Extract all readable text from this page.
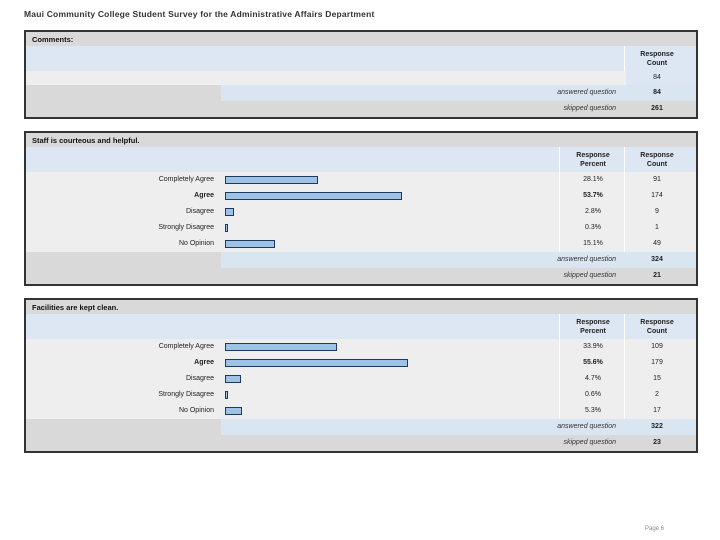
Maui Community College Student Survey for the Administrative Affairs Department
Comments:
Response
Count
84
answered question	84
skipped question	261
Staff is courteous and helpful.
Response
Percent
Response
Count
Completely Agree	28.1%	91
Agree	53.7%	174
Disagree	2.8%	9
Strongly Disagree	0.3%	1
No Opinion	15.1%	49
answered question	324
skipped question	21
Facilities are kept clean.
Response
Percent
Response
Count
Completely Agree	33.9%	109
Agree	55.6%	179
Disagree	4.7%	15
Strongly Disagree	0.6%	2
No Opinion	5.3%	17
answered question	322
skipped question	23
Page 6
